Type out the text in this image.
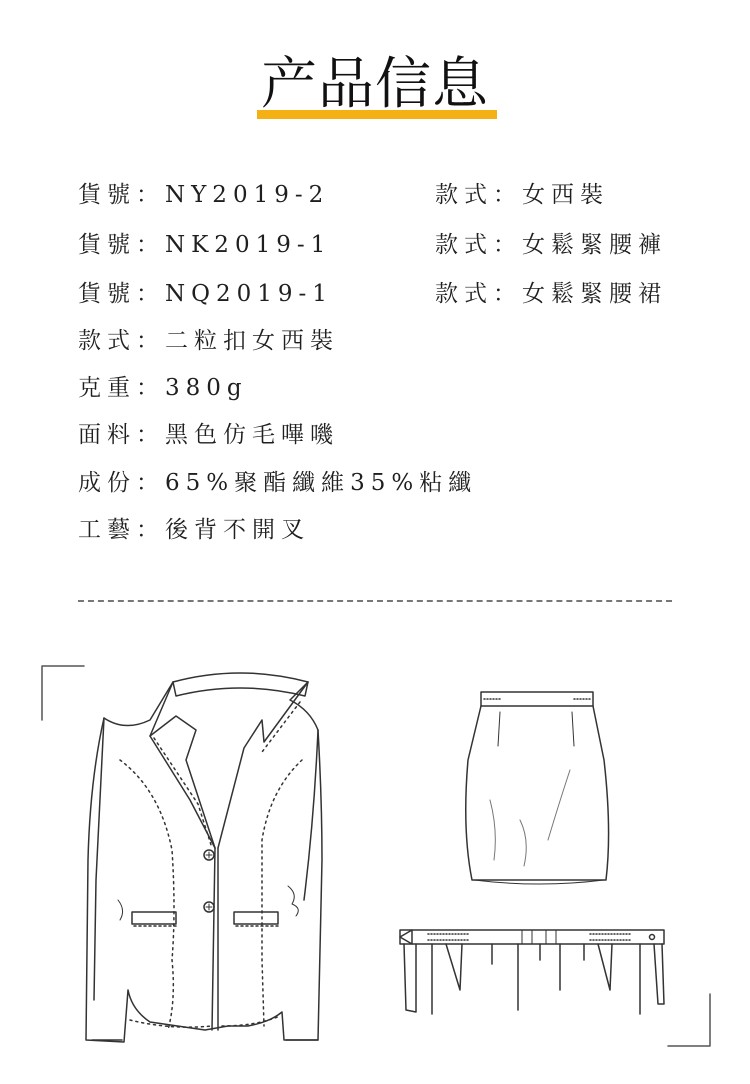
产品信息
貨號：NY2019-2	款式：女西裝
貨號：NK2019-1	款式：女鬆緊腰褲
貨號：NQ2019-1	款式：女鬆緊腰裙
款式：二粒扣女西裝
克重：380g
面料：黑色仿毛嗶嘰
成份：65%聚酯纖維35%粘纖
工藝：後背不開叉
